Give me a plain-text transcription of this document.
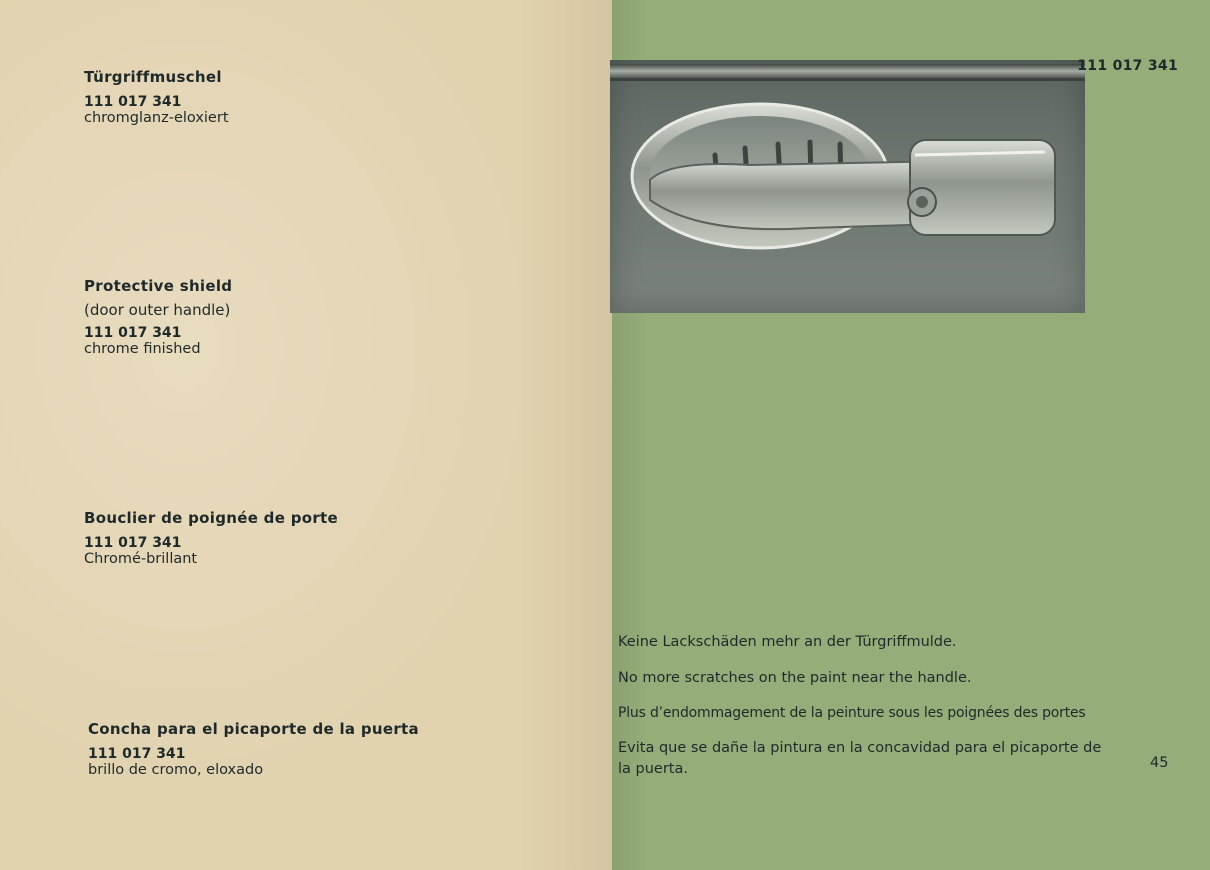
Türgriffmuschel

111 017 341

chromglanz-eloxiert

Protective shield

(door outer handle)

111 017 341

chrome finished

Bouclier de poignée de porte

111 017 341

Chromé-brillant

Concha para el picaporte de la puerta

111 017 341

brillo de cromo, eloxado

111 017 341

Keine Lackschäden mehr an der Türgriffmulde.

No more scratches on the paint near the handle.

Plus d’endommagement de la peinture sous les poignées des portes

Evita que se dañe la pintura en la concavidad para el picaporte de la puerta.	45
